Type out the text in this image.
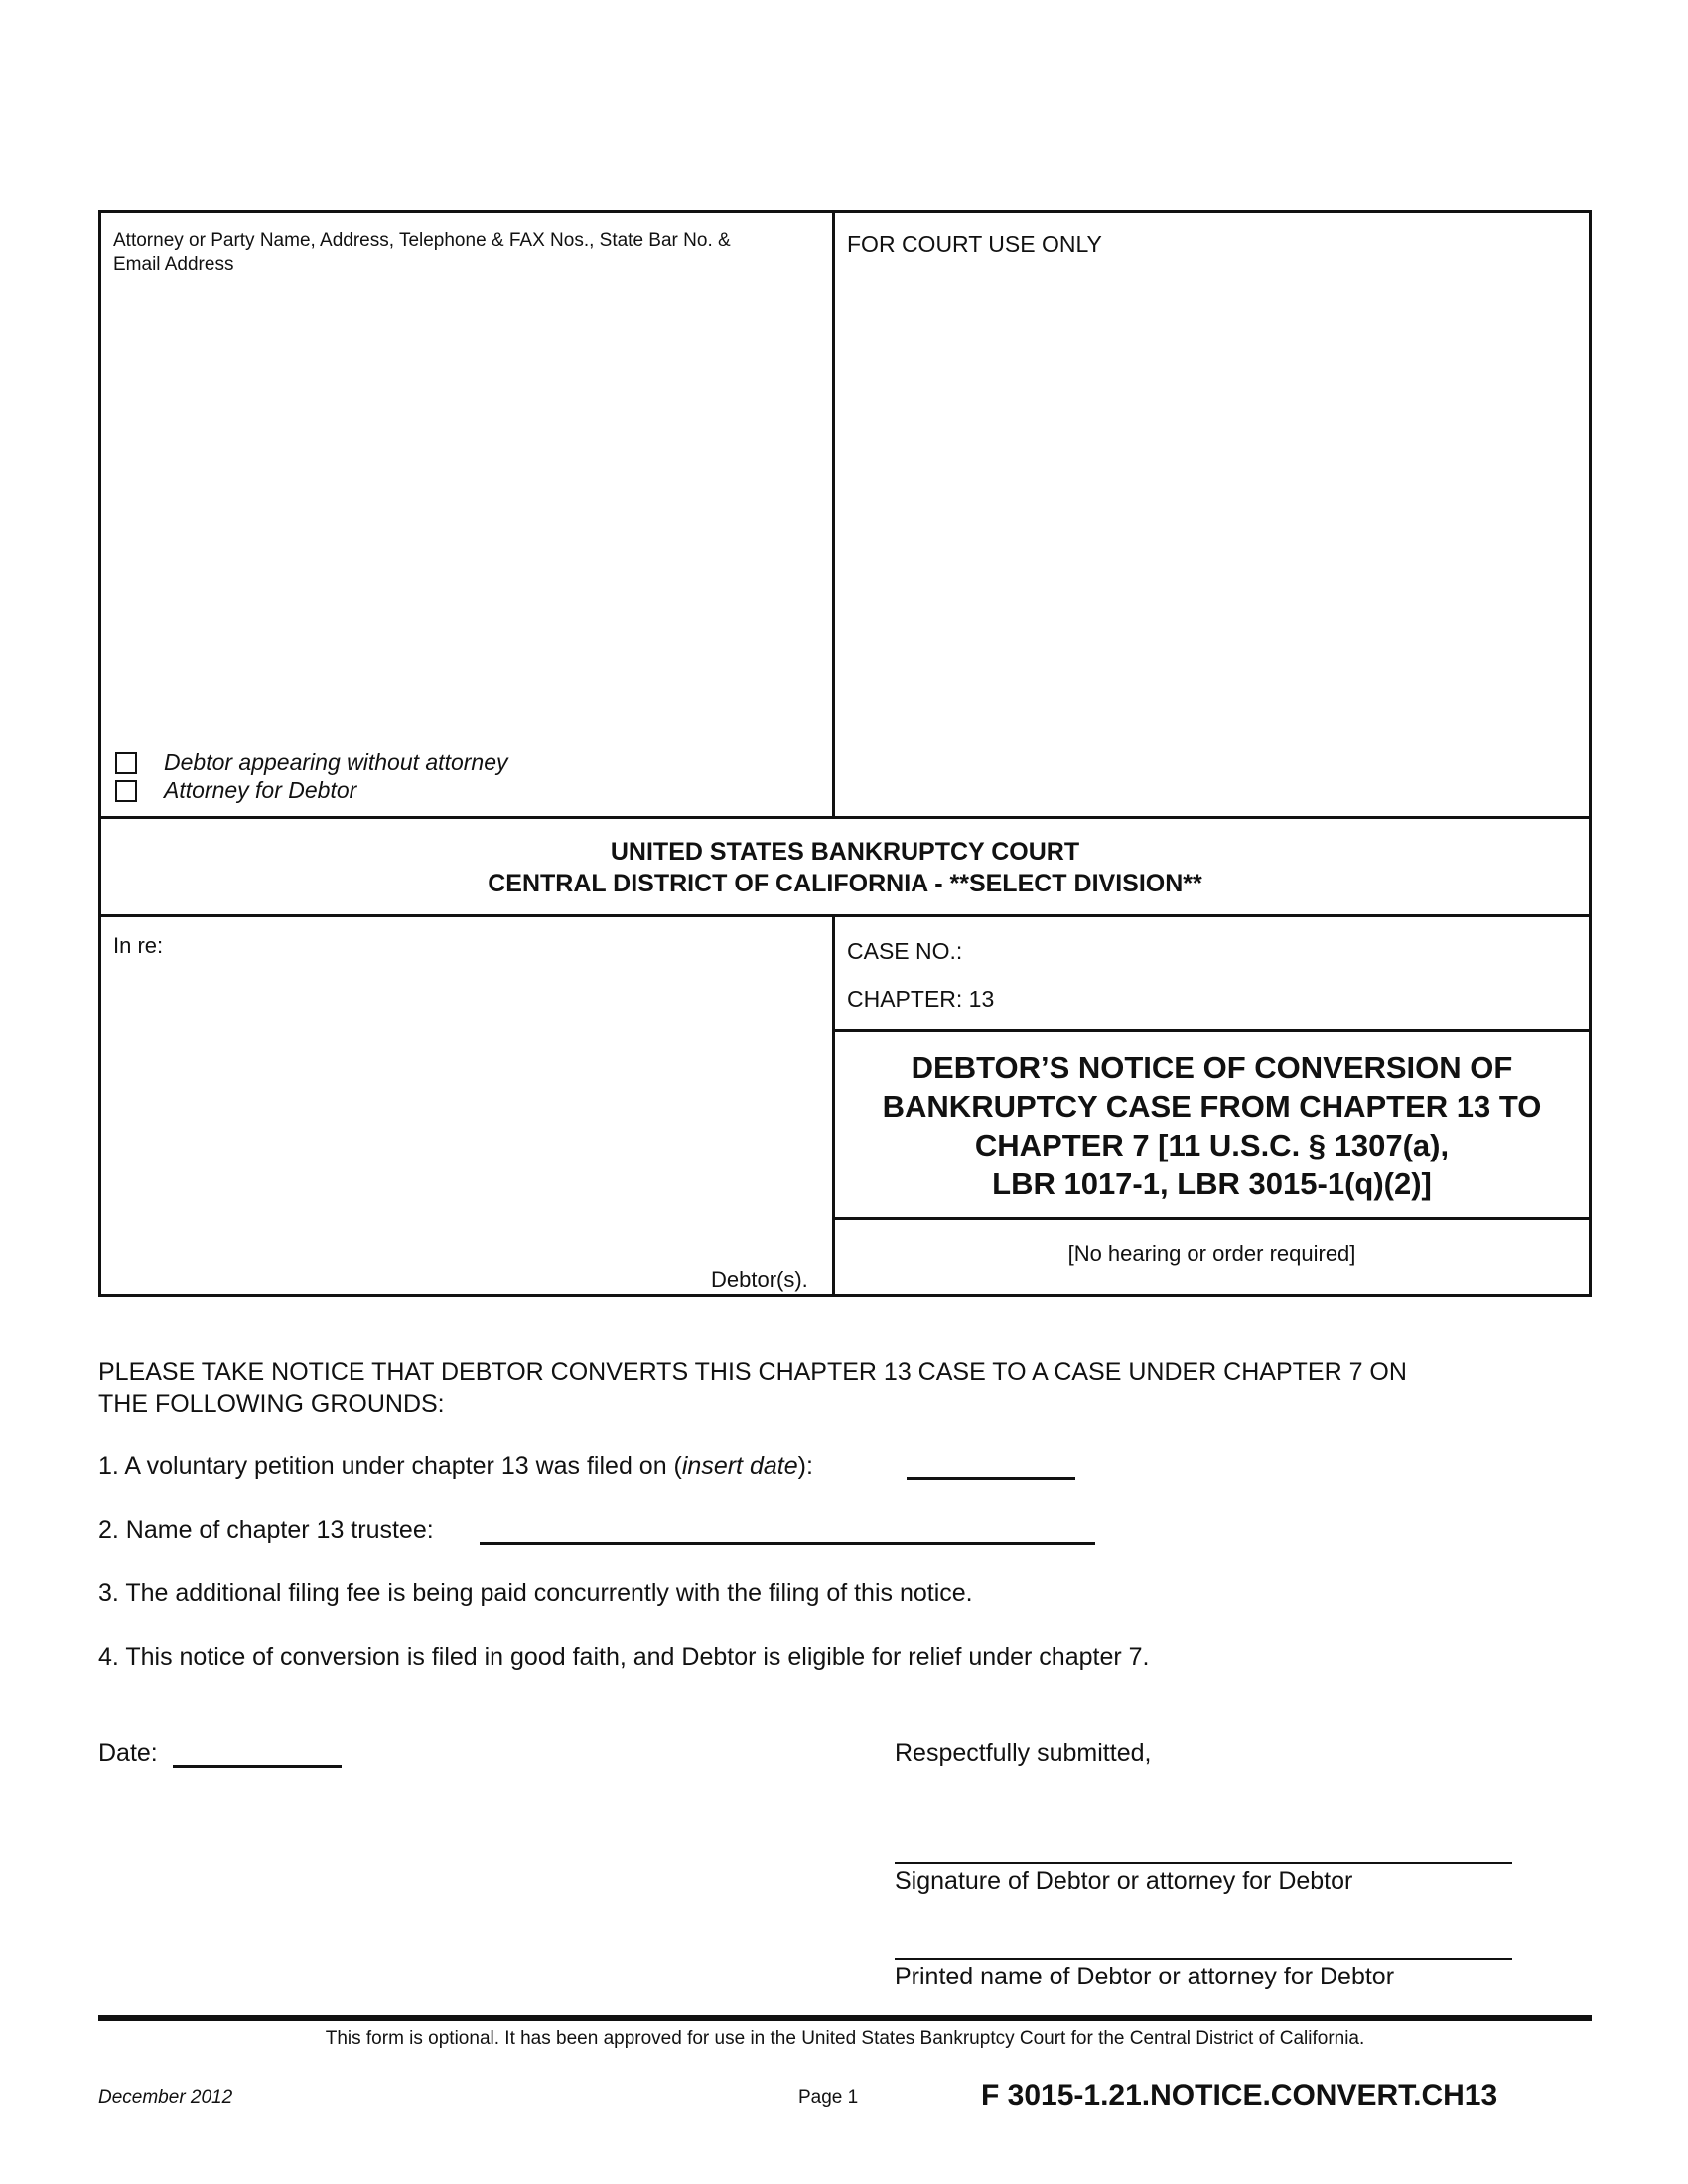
Attorney or Party Name, Address, Telephone & FAX Nos., State Bar No. &
Email Address
Debtor appearing without attorney
Attorney for Debtor
FOR COURT USE ONLY
UNITED STATES BANKRUPTCY COURT
CENTRAL DISTRICT OF CALIFORNIA - **SELECT DIVISION**
In re:
Debtor(s).
CASE NO.:
CHAPTER: 13
DEBTOR’S NOTICE OF CONVERSION OF
BANKRUPTCY CASE FROM CHAPTER 13 TO
CHAPTER 7 [11 U.S.C. § 1307(a),
LBR 1017-1, LBR 3015-1(q)(2)]
[No hearing or order required]
PLEASE TAKE NOTICE THAT DEBTOR CONVERTS THIS CHAPTER 13 CASE TO A CASE UNDER CHAPTER 7 ON
THE FOLLOWING GROUNDS:
1. A voluntary petition under chapter 13 was filed on (insert date):
2. Name of chapter 13 trustee:
3. The additional filing fee is being paid concurrently with the filing of this notice.
4. This notice of conversion is filed in good faith, and Debtor is eligible for relief under chapter 7.
Date:	Respectfully submitted,
Signature of Debtor or attorney for Debtor
Printed name of Debtor or attorney for Debtor
This form is optional. It has been approved for use in the United States Bankruptcy Court for the Central District of California.
December 2012	Page 1	F 3015-1.21.NOTICE.CONVERT.CH13
